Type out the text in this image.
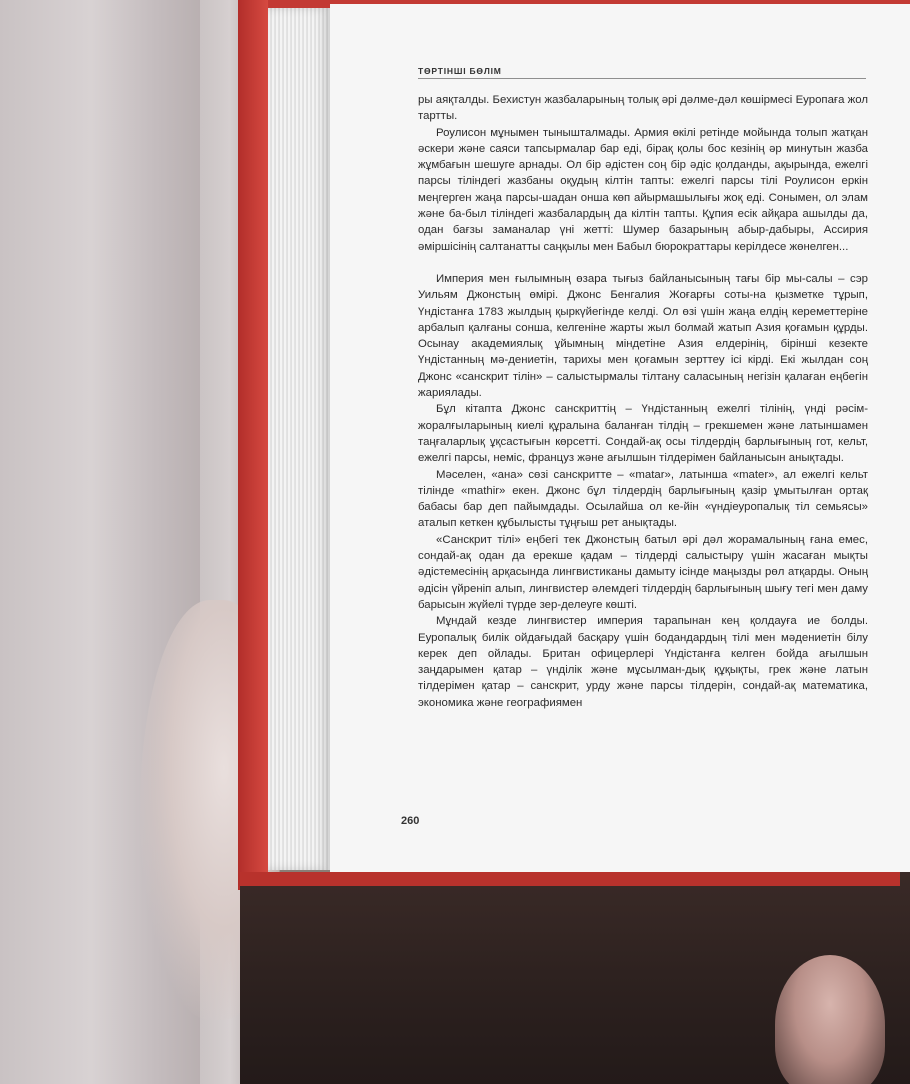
ТӨРТІНШІ БӨЛІМ

ры аяқталды. Бехистун жазбаларының толық әрі дәлме-дәл көшірмесі Еуропаға жол тартты.

Роулисон мұнымен тынышталмады. Армия өкілі ретінде мойында толып жатқан әскери және саяси тапсырмалар бар еді, бірақ қолы бос кезінің әр минутын жазба жұмбағын шешуге арнады. Ол бір әдістен соң бір әдіс қолданды, ақырында, ежелгі парсы тіліндегі жазбаны оқудың кілтін тапты: ежелгі парсы тілі Роулисон еркін меңгерген жаңа парсы-шадан онша көп айырмашылығы жоқ еді. Сонымен, ол элам және ба-был тіліндегі жазбалардың да кілтін тапты. Құпия есік айқара ашылды да, одан бағзы заманалар үні жетті: Шумер базарының абыр-дабыры, Ассирия әміршісінің салтанатты саңқылы мен Бабыл бюрократтары керілдесе жөнелген...

Империя мен ғылымның өзара тығыз байланысының тағы бір мы-салы – сэр Уильям Джонстың өмірі. Джонс Бенгалия Жоғарғы соты-на қызметке тұрып, Үндістанға 1783 жылдың қыркүйегінде келді. Ол өзі үшін жаңа елдің кереметтеріне арбалып қалғаны сонша, келгеніне жарты жыл болмай жатып Азия қоғамын құрды. Осынау академиялық ұйымның міндетіне Азия елдерінің, бірінші кезекте Үндістанның мә-дениетін, тарихы мен қоғамын зерттеу ісі кірді. Екі жылдан соң Джонс «санскрит тілін» – салыстырмалы тілтану саласының негізін қалаған еңбегін жариялады.

Бұл кітапта Джонс санскриттің – Үндістанның ежелгі тілінің, үнді рәсім-жоралғыларының киелі құралына баланған тілдің – грекшемен және латыншамен таңғаларлық ұқсастығын көрсетті. Сондай-ақ осы тілдердің барлығының гот, кельт, ежелгі парсы, неміс, француз және ағылшын тілдерімен байланысын анықтады.

Мәселен, «ана» сөзі санскритте – «matar», латынша «mater», ал ежелгі кельт тілінде «mathir» екен. Джонс бұл тілдердің барлығының қазір ұмытылған ортақ бабасы бар деп пайымдады. Осылайша ол ке-йін «үндіеуропалық тіл семьясы» аталып кеткен құбылысты тұңғыш рет анықтады.

«Санскрит тілі» еңбегі тек Джонстың батыл әрі дәл жорамалының ғана емес, сондай-ақ одан да ерекше қадам – тілдерді салыстыру үшін жасаған мықты әдістемесінің арқасында лингвистиканы дамыту ісінде маңызды рөл атқарды. Оның әдісін үйреніп алып, лингвистер әлемдегі тілдердің барлығының шығу тегі мен даму барысын жүйелі түрде зер-делеуге көшті.

Мұндай кезде лингвистер империя тарапынан кең қолдауға ие болды. Еуропалық билік ойдағыдай басқару үшін бодандардың тілі мен мәдениетін білу керек деп ойлады. Британ офицерлері Үндістанға келген бойда ағылшын заңдарымен қатар – үнділік және мұсылман-дық құқықты, грек және латын тілдерімен қатар – санскрит, урду және парсы тілдерін, сондай-ақ математика, экономика және географиямен

260
